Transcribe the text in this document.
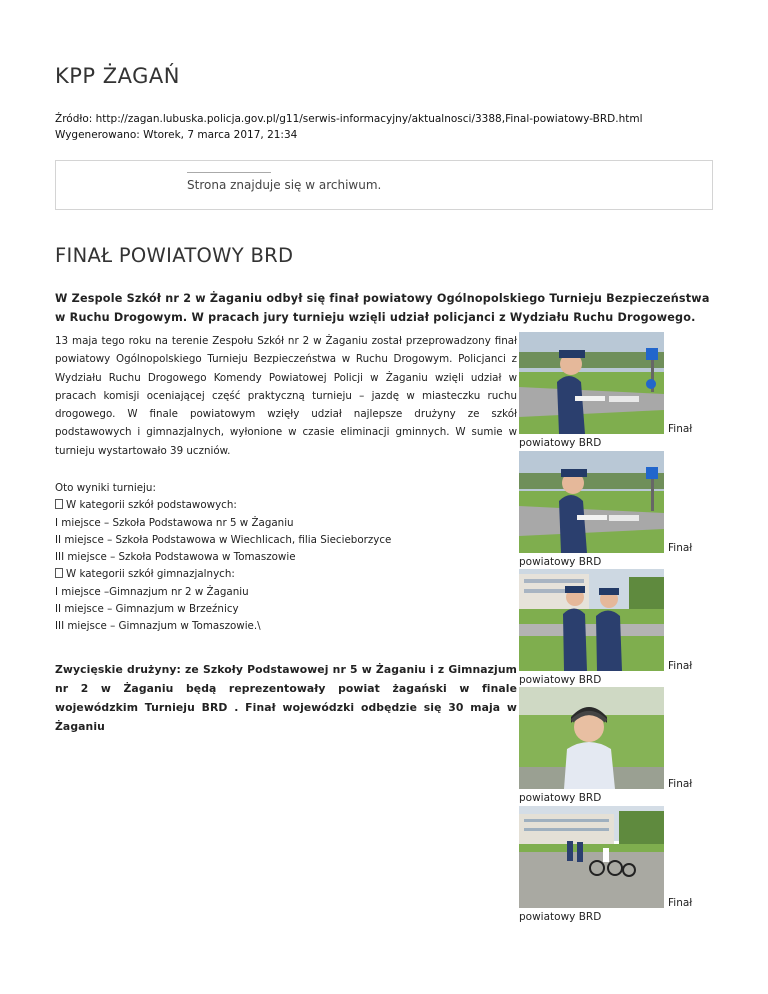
KPP ŻAGAŃ
Źródło: http://zagan.lubuska.policja.gov.pl/g11/serwis-informacyjny/aktualnosci/3388,Final-powiatowy-BRD.html
Wygenerowano: Wtorek, 7 marca 2017, 21:34
Strona znajduje się w archiwum.
FINAŁ POWIATOWY BRD

W Zespole Szkół nr 2 w Żaganiu odbył się finał powiatowy Ogólnopolskiego Turnieju Bezpieczeństwa w Ruchu Drogowym. W pracach jury turnieju wzięli udział policjanci z Wydziału Ruchu Drogowego.

13 maja tego roku na terenie Zespołu Szkół nr 2 w Żaganiu został przeprowadzony finał powiatowy Ogólnopolskiego Turnieju Bezpieczeństwa w Ruchu Drogowym. Policjanci z Wydziału Ruchu Drogowego Komendy Powiatowej Policji w Żaganiu wzięli udział w pracach komisji oceniającej część praktyczną turnieju – jazdę w miasteczku ruchu drogowego. W finale powiatowym wzięły udział najlepsze drużyny ze szkół podstawowych i gimnazjalnych, wyłonione w czasie eliminacji gminnych. W sumie w turnieju wystartowało 39 uczniów.

Oto wyniki turnieju:
W kategorii szkół podstawowych:
I miejsce – Szkoła Podstawowa nr 5 w Żaganiu
II miejsce – Szkoła Podstawowa w Wiechlicach, filia Siecieborzyce
III miejsce – Szkoła Podstawowa w Tomaszowie
W kategorii szkół gimnazjalnych:
I miejsce –Gimnazjum nr 2 w Żaganiu
II miejsce – Gimnazjum w Brzeźnicy
III miejsce – Gimnazjum w Tomaszowie.\

Zwycięskie drużyny: ze Szkoły Podstawowej nr 5 w Żaganiu i z Gimnazjum nr 2 w Żaganiu będą reprezentowały powiat żagański w finale wojewódzkim Turnieju BRD . Finał wojewódzki odbędzie się 30 maja w Żaganiu

Finał
powiatowy BRD
Finał
powiatowy BRD
Finał
powiatowy BRD
Finał
powiatowy BRD
Finał
powiatowy BRD
